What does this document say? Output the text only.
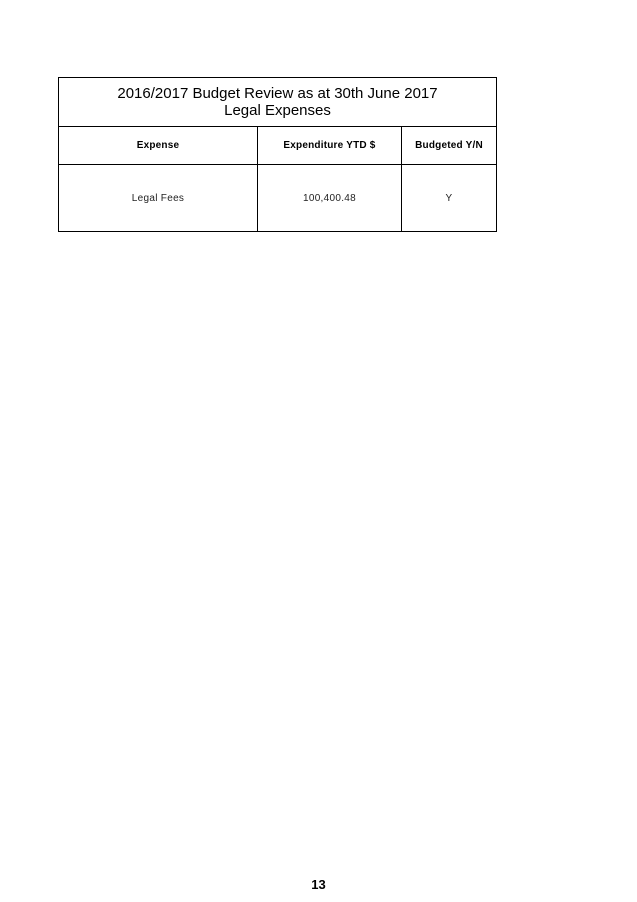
2016/2017 Budget Review as at 30th June 2017
Legal Expenses		

Expense	Expenditure YTD $	Budgeted Y/N
Legal Fees	100,400.48	Y
13
